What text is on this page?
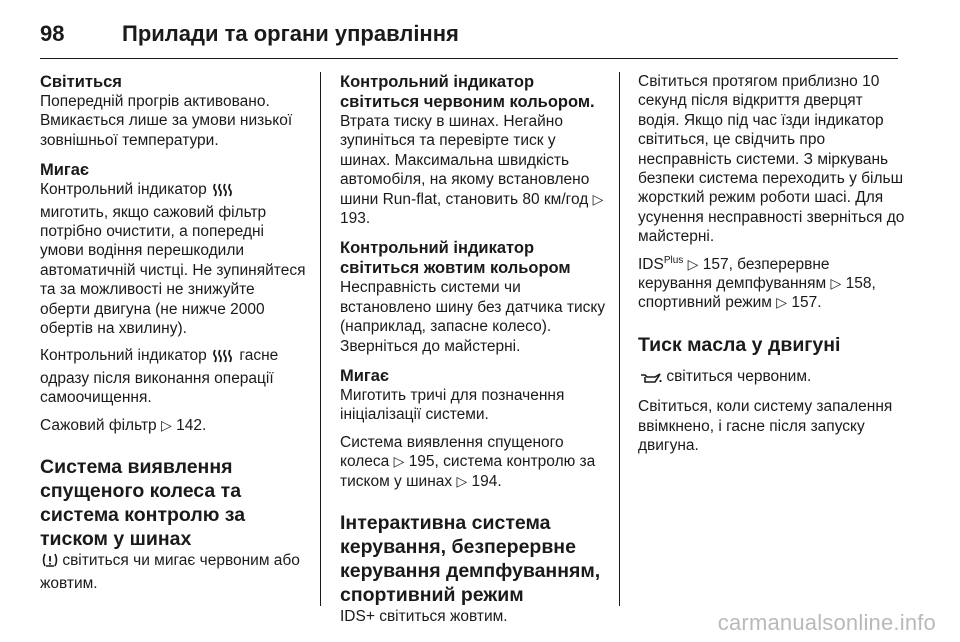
98	Прилади та органи управління
Світиться

Попередній прогрів активовано. Вмикається лише за умови низької зовнішньої температури.

Мигає

Контрольний індикатор  миготить, якщо сажовий фільтр потрібно очистити, а попередні умови водіння перешкодили автоматичній чистці. Не зупиняйтеся та за можливості не знижуйте оберти двигуна (не нижче 2000 обертів на хвилину).

Контрольний індикатор гасне одразу після виконання операції самоочищення.

Сажовий фільтр ▷ 142.

Система виявлення спущеного колеса та система контролю за тиском у шинах

світиться чи мигає червоним або жовтим.

Контрольний індикатор світиться червоним кольором.

Втрата тиску в шинах. Негайно зупиніться та перевірте тиск у шинах. Максимальна швидкість автомобіля, на якому встановлено шини Run-flat, становить 80 км/год ▷ 193.

Контрольний індикатор світиться жовтим кольором

Несправність системи чи встановлено шину без датчика тиску (наприклад, запасне колесо). Зверніться до майстерні.

Мигає

Миготить тричі для позначення ініціалізації системи.

Система виявлення спущеного колеса ▷ 195, система контролю за тиском у шинах ▷ 194.

Інтерактивна система керування, безперервне керування демпфуванням, спортивний режим

IDS+ світиться жовтим.

Світиться протягом приблизно 10 секунд після відкриття дверцят водія. Якщо під час їзди індикатор світиться, це свідчить про несправність системи. З міркувань безпеки система переходить у більш жорсткий режим роботи шасі. Для усунення несправності зверніться до майстерні.

$IDS^{Plus}$ ▷ 157, безперервне керування демпфуванням ▷ 158, спортивний режим ▷ 157.

Тиск масла у двигуні

світиться червоним.

Світиться, коли систему запалення ввімкнено, і гасне після запуску двигуна.

carmanualsonline.info
